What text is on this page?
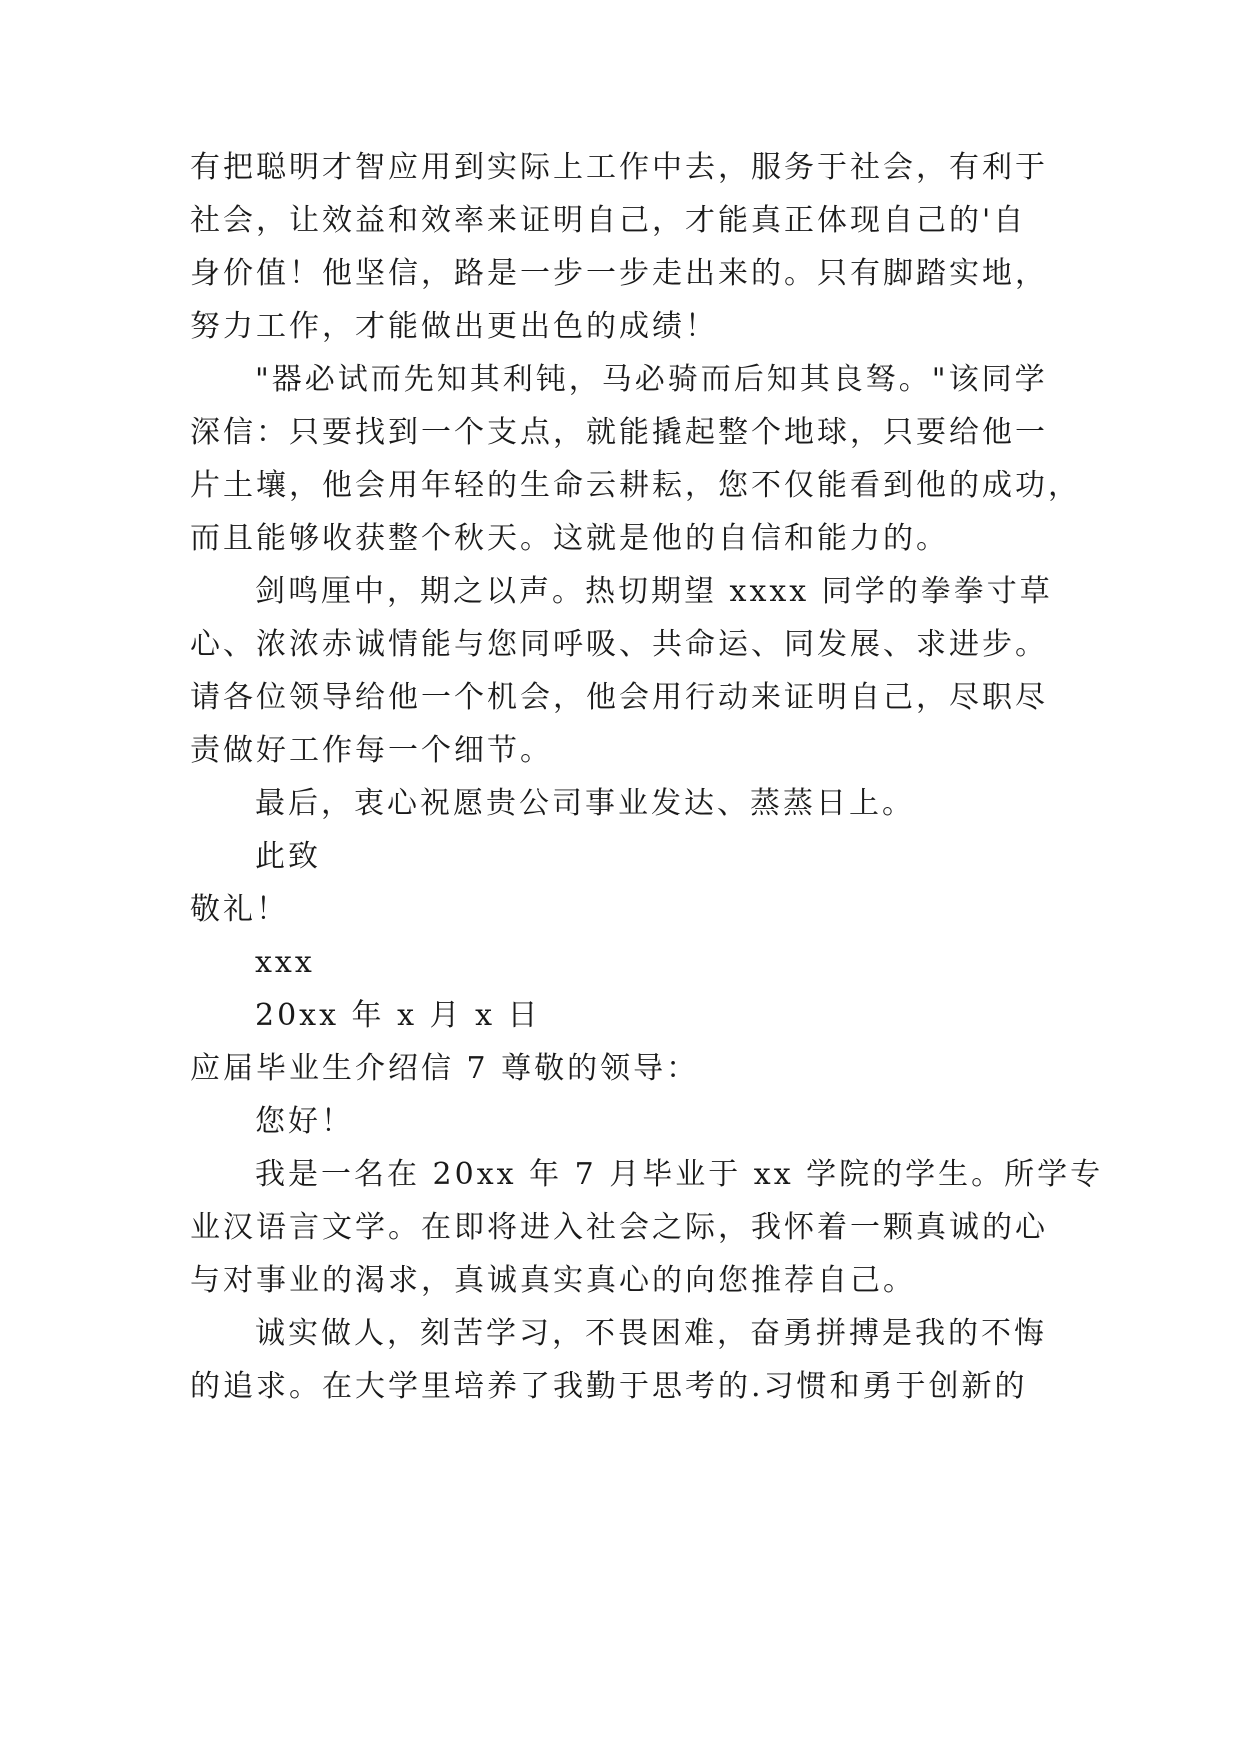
有把聪明才智应用到实际上工作中去，服务于社会，有利于

社会，让效益和效率来证明自己，才能真正体现自己的'自

身价值！他坚信，路是一步一步走出来的。只有脚踏实地，

努力工作，才能做出更出色的成绩！

"器必试而先知其利钝，马必骑而后知其良驽。"该同学

深信：只要找到一个支点，就能撬起整个地球，只要给他一

片土壤，他会用年轻的生命云耕耘，您不仅能看到他的成功，

而且能够收获整个秋天。这就是他的自信和能力的。

剑鸣厘中，期之以声。热切期望 xxxx 同学的拳拳寸草

心、浓浓赤诚情能与您同呼吸、共命运、同发展、求进步。

请各位领导给他一个机会，他会用行动来证明自己，尽职尽

责做好工作每一个细节。

最后，衷心祝愿贵公司事业发达、蒸蒸日上。

此致

敬礼！

xxx

20xx 年 x 月 x 日

应届毕业生介绍信 7 尊敬的领导：

您好！

我是一名在 20xx 年 7 月毕业于 xx 学院的学生。所学专

业汉语言文学。在即将进入社会之际，我怀着一颗真诚的心

与对事业的渴求，真诚真实真心的向您推荐自己。

诚实做人，刻苦学习，不畏困难，奋勇拼搏是我的不悔

的追求。在大学里培养了我勤于思考的.习惯和勇于创新的
